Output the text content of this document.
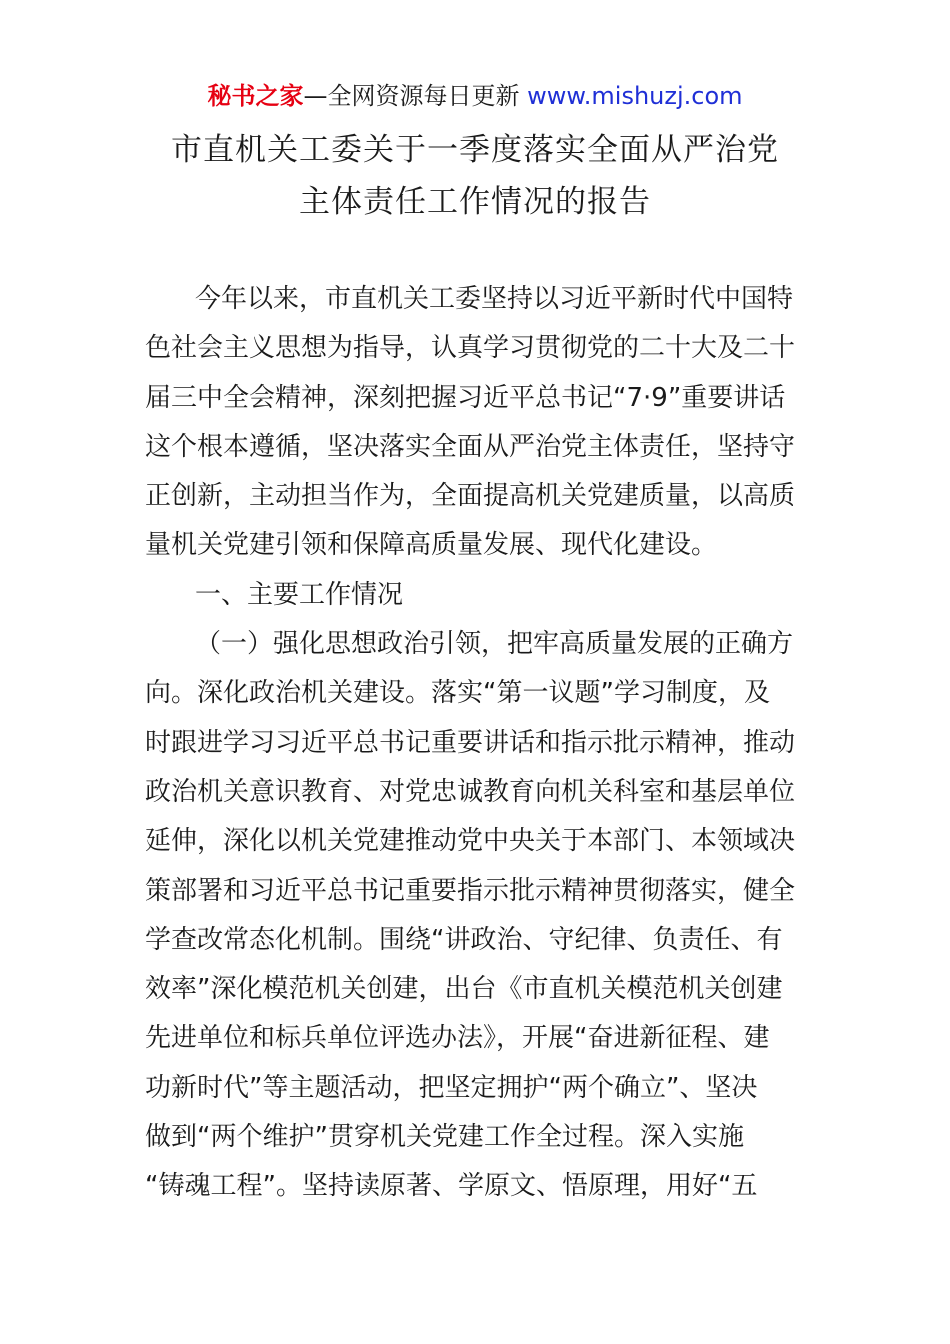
秘书之家—全网资源每日更新 www.mishuzj.com
市直机关工委关于一季度落实全面从严治党
主体责任工作情况的报告
今年以来，市直机关工委坚持以习近平新时代中国特
色社会主义思想为指导，认真学习贯彻党的二十大及二十
届三中全会精神，深刻把握习近平总书记“7·9”重要讲话
这个根本遵循，坚决落实全面从严治党主体责任，坚持守
正创新，主动担当作为，全面提高机关党建质量，以高质
量机关党建引领和保障高质量发展、现代化建设。
一、主要工作情况
（一）强化思想政治引领，把牢高质量发展的正确方
向。深化政治机关建设。落实“第一议题”学习制度，及
时跟进学习习近平总书记重要讲话和指示批示精神，推动
政治机关意识教育、对党忠诚教育向机关科室和基层单位
延伸，深化以机关党建推动党中央关于本部门、本领域决
策部署和习近平总书记重要指示批示精神贯彻落实，健全
学查改常态化机制。围绕“讲政治、守纪律、负责任、有
效率”深化模范机关创建，出台《市直机关模范机关创建
先进单位和标兵单位评选办法》，开展“奋进新征程、建
功新时代”等主题活动，把坚定拥护“两个确立”、坚决
做到“两个维护”贯穿机关党建工作全过程。深入实施
“铸魂工程”。坚持读原著、学原文、悟原理，用好“五
